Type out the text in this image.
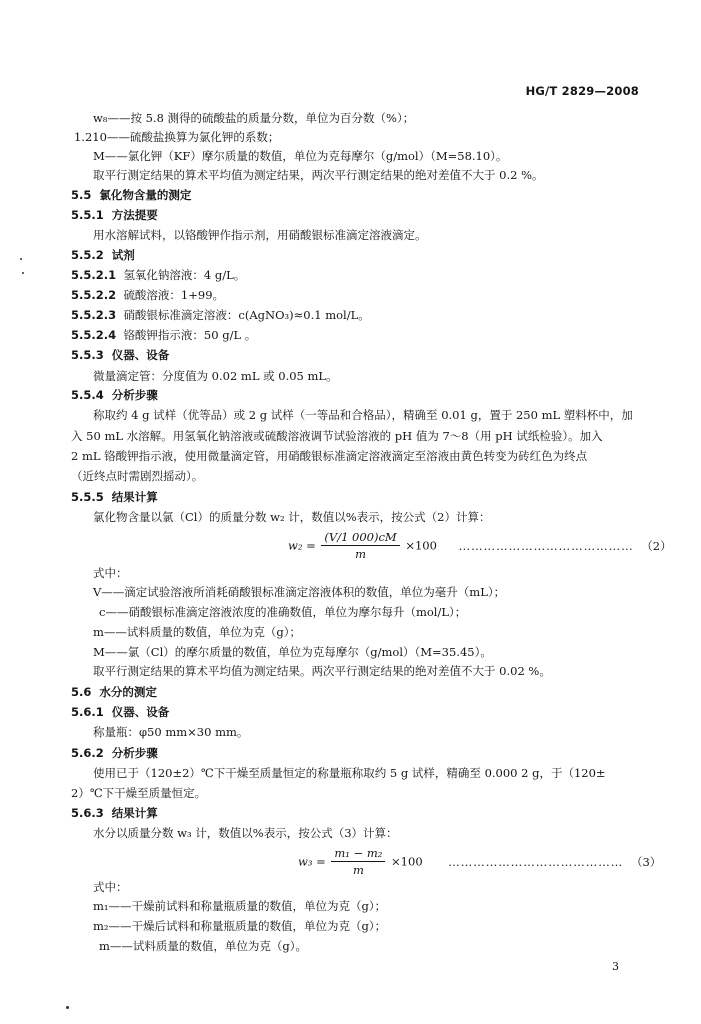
HG/T 2829—2008
w₈——按 5.8 测得的硫酸盐的质量分数，单位为百分数（%）；
1.210——硫酸盐换算为氯化钾的系数；
M——氯化钾（KF）摩尔质量的数值，单位为克每摩尔（g/mol）（M=58.10）。
取平行测定结果的算术平均值为测定结果，两次平行测定结果的绝对差值不大于 0.2 %。
5.5 氯化物含量的测定
5.5.1 方法提要
用水溶解试料，以铬酸钾作指示剂，用硝酸银标准滴定溶液滴定。
5.5.2 试剂
5.5.2.1 氢氧化钠溶液：4 g/L。
5.5.2.2 硫酸溶液：1+99。
5.5.2.3 硝酸银标准滴定溶液：c(AgNO₃)≈0.1 mol/L。
5.5.2.4 铬酸钾指示液：50 g/L 。
5.5.3 仪器、设备
微量滴定管：分度值为 0.02 mL 或 0.05 mL。
5.5.4 分析步骤
称取约 4 g 试样（优等品）或 2 g 试样（一等品和合格品），精确至 0.01 g，置于 250 mL 塑料杯中，加
入 50 mL 水溶解。用氢氧化钠溶液或硫酸溶液调节试验溶液的 pH 值为 7～8（用 pH 试纸检验）。加入
2 mL 铬酸钾指示液，使用微量滴定管，用硝酸银标准滴定溶液滴定至溶液由黄色转变为砖红色为终点
（近终点时需剧烈摇动）。
5.5.5 结果计算
氯化物含量以氯（Cl）的质量分数 w₂ 计，数值以%表示，按公式（2）计算：
$w_2 = \frac{(V/1 000)cM}{m} \times 100$ …………………………………… （2）
式中：
V——滴定试验溶液所消耗硝酸银标准滴定溶液体积的数值，单位为毫升（mL）；
c——硝酸银标准滴定溶液浓度的准确数值，单位为摩尔每升（mol/L）；
m——试料质量的数值，单位为克（g）；
M——氯（Cl）的摩尔质量的数值，单位为克每摩尔（g/mol）（M=35.45）。
取平行测定结果的算术平均值为测定结果。两次平行测定结果的绝对差值不大于 0.02 %。
5.6 水分的测定
5.6.1 仪器、设备
称量瓶：φ50 mm×30 mm。
5.6.2 分析步骤
使用已于（120±2）℃下干燥至质量恒定的称量瓶称取约 5 g 试样，精确至 0.000 2 g，于（120±
2）℃下干燥至质量恒定。
5.6.3 结果计算
水分以质量分数 w₃ 计，数值以%表示，按公式（3）计算：
$w_3 = \frac{\text{m₁ − m₂}}{m} \times 100$ …………………………………… （3）
式中：
m₁——干燥前试料和称量瓶质量的数值，单位为克（g）；
m₂——干燥后试料和称量瓶质量的数值，单位为克（g）；
m——试料质量的数值，单位为克（g）。
3
